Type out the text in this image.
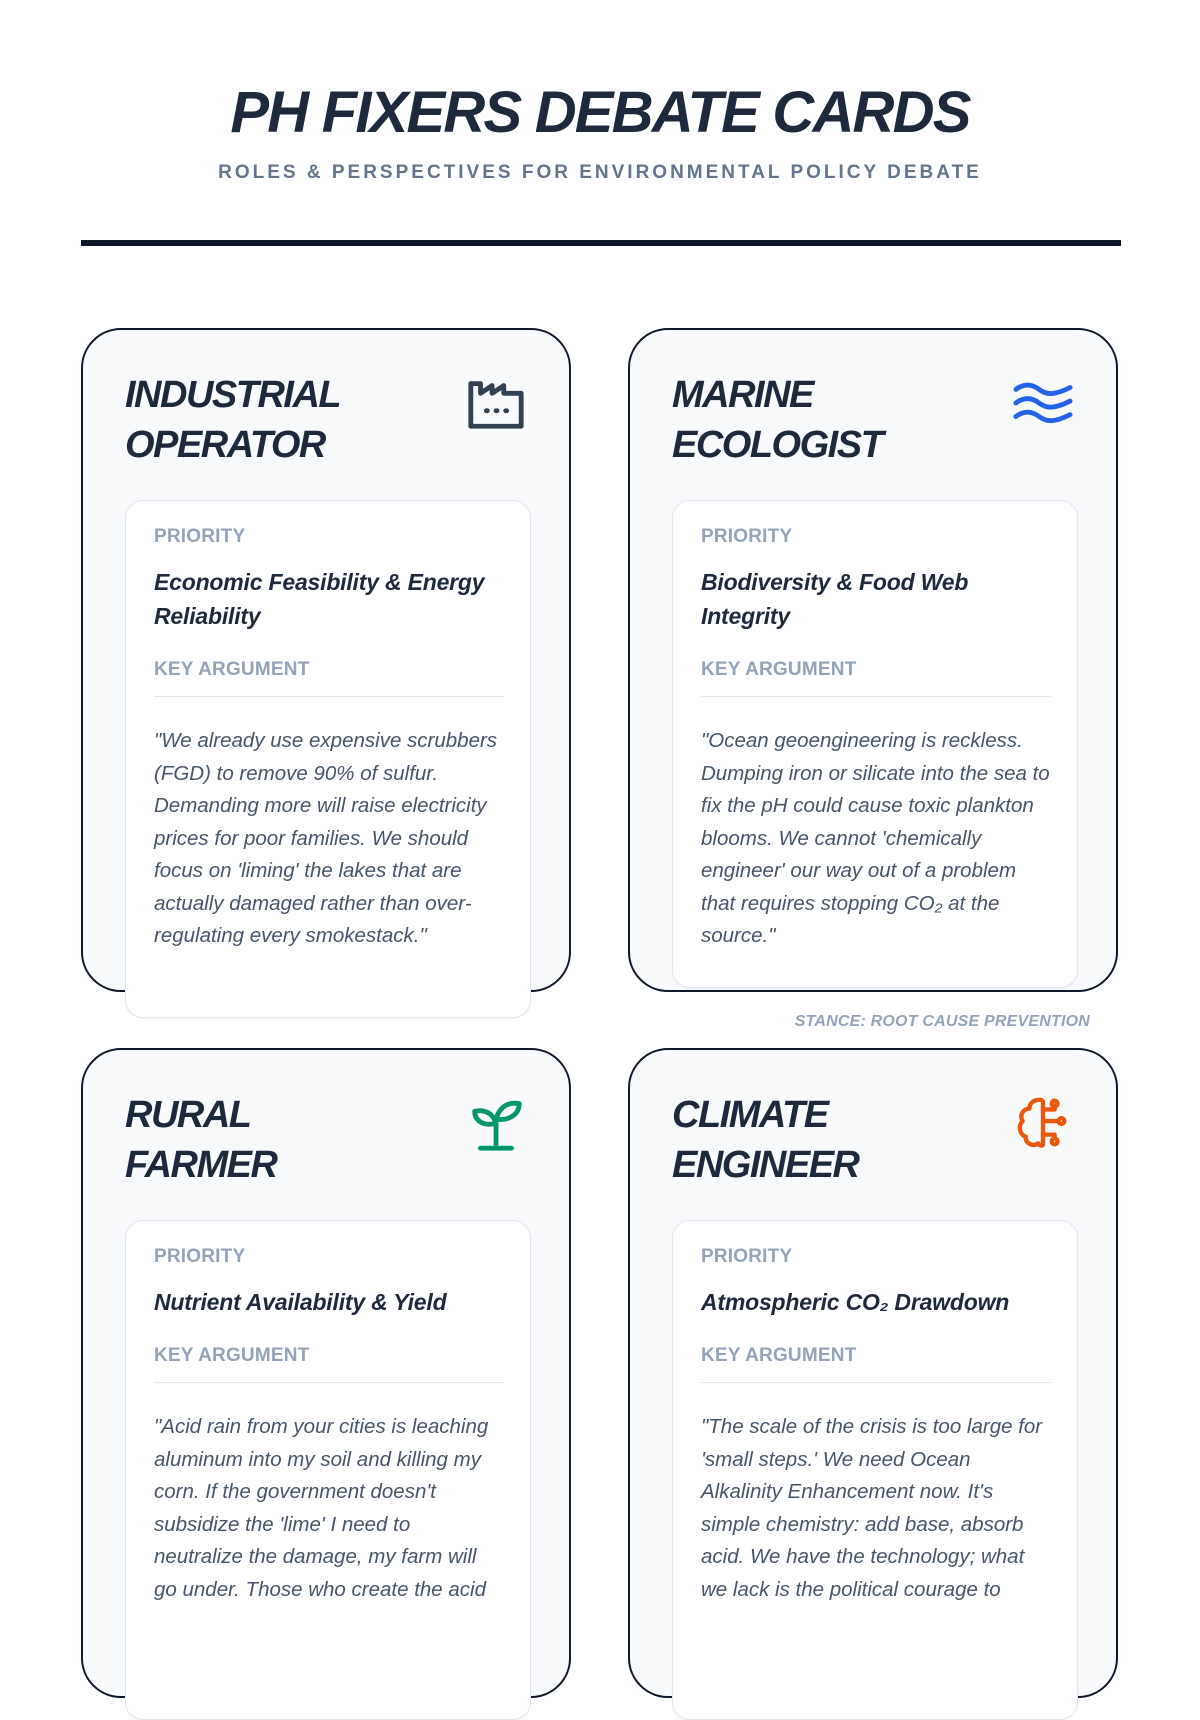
PH FIXERS DEBATE CARDS
ROLES & PERSPECTIVES FOR ENVIRONMENTAL POLICY DEBATE
INDUSTRIAL
OPERATOR
PRIORITY
Economic Feasibility & Energy Reliability
KEY ARGUMENT
"We already use expensive scrubbers (FGD) to remove 90% of sulfur. Demanding more will raise electricity prices for poor families. We should focus on 'liming' the lakes that are actually damaged rather than over-regulating every smokestack."
MARINE
ECOLOGIST
PRIORITY
Biodiversity & Food Web Integrity
KEY ARGUMENT
"Ocean geoengineering is reckless. Dumping iron or silicate into the sea to fix the pH could cause toxic plankton blooms. We cannot 'chemically engineer' our way out of a problem that requires stopping CO₂ at the source."
STANCE: ROOT CAUSE PREVENTION
RURAL
FARMER
PRIORITY
Nutrient Availability & Yield
KEY ARGUMENT
"Acid rain from your cities is leaching aluminum into my soil and killing my corn. If the government doesn't subsidize the 'lime' I need to neutralize the damage, my farm will go under. Those who create the acid
CLIMATE
ENGINEER
PRIORITY
Atmospheric CO₂ Drawdown
KEY ARGUMENT
"The scale of the crisis is too large for 'small steps.' We need Ocean Alkalinity Enhancement now. It's simple chemistry: add base, absorb acid. We have the technology; what we lack is the political courage to
